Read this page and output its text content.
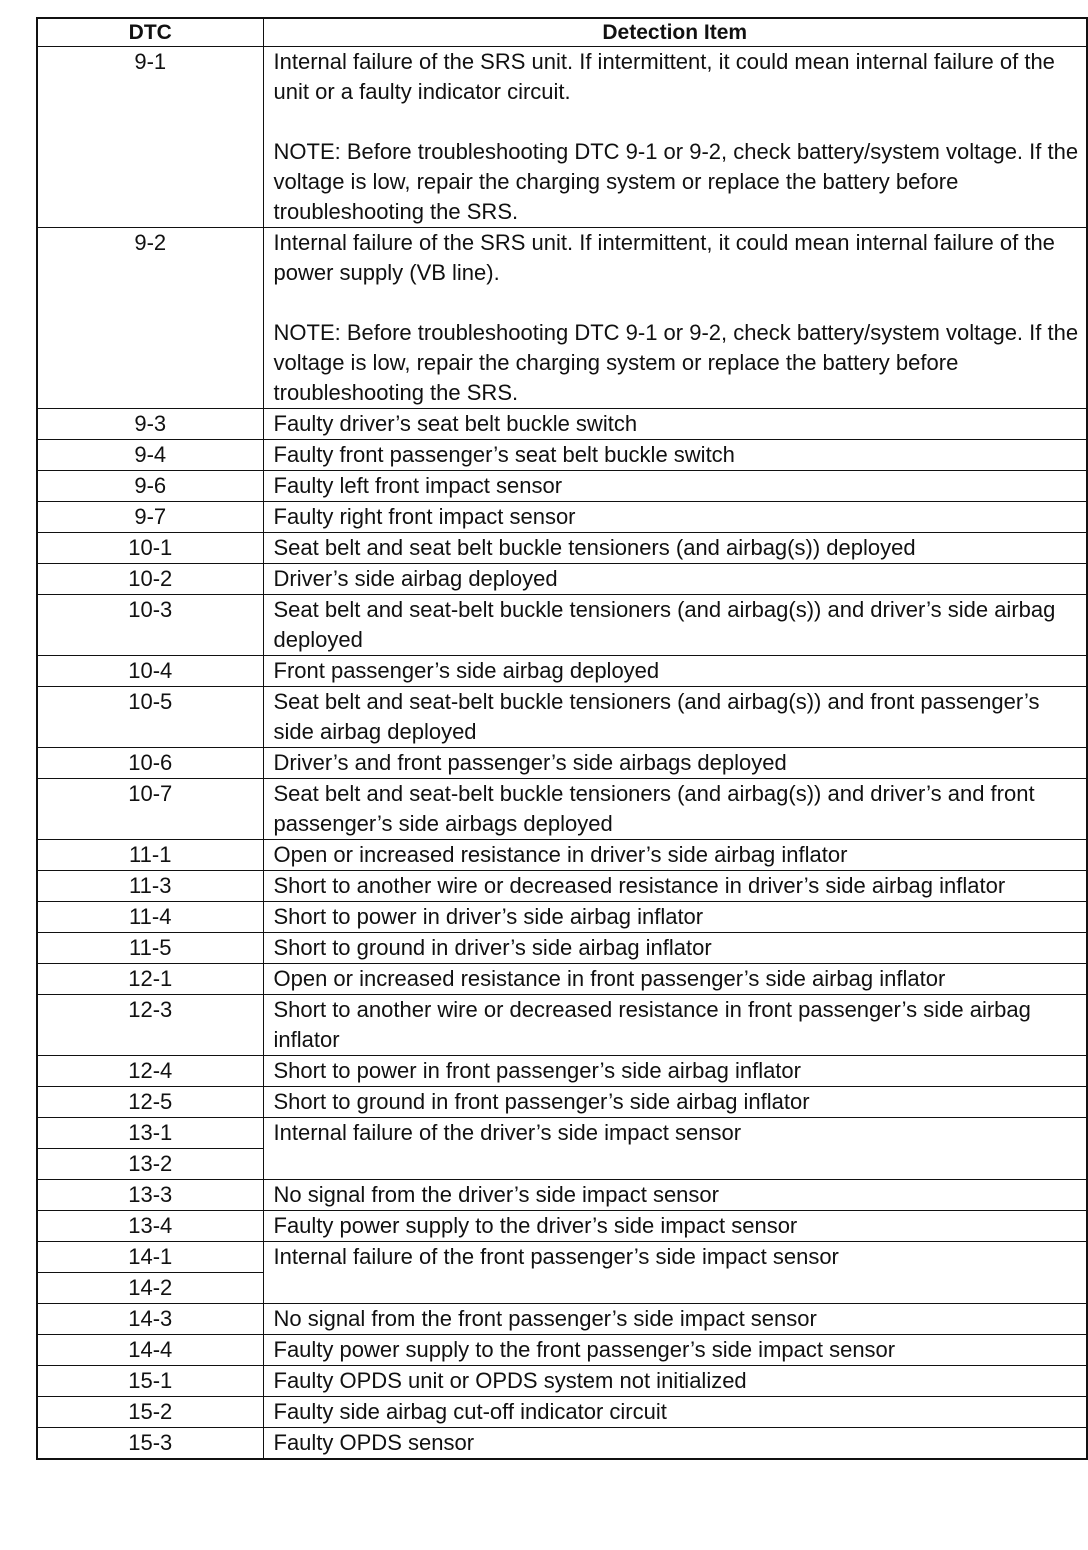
DTC	Detection Item
9-1	Internal failure of the SRS unit. If intermittent, it could mean internal failure of the unit or a faulty indicator circuit.
NOTE: Before troubleshooting DTC 9-1 or 9-2, check battery/system voltage. If the voltage is low, repair the charging system or replace the battery before troubleshooting the SRS.

9-2	Internal failure of the SRS unit. If intermittent, it could mean internal failure of the power supply (VB line).
NOTE: Before troubleshooting DTC 9-1 or 9-2, check battery/system voltage. If the voltage is low, repair the charging system or replace the battery before troubleshooting the SRS.

9-3	Faulty driver’s seat belt buckle switch
9-4	Faulty front passenger’s seat belt buckle switch
9-6	Faulty left front impact sensor
9-7	Faulty right front impact sensor
10-1	Seat belt and seat belt buckle tensioners (and airbag(s)) deployed
10-2	Driver’s side airbag deployed
10-3	Seat belt and seat-belt buckle tensioners (and airbag(s)) and driver’s side airbag deployed
10-4	Front passenger’s side airbag deployed
10-5	Seat belt and seat-belt buckle tensioners (and airbag(s)) and front passenger’s side airbag deployed
10-6	Driver’s and front passenger’s side airbags deployed
10-7	Seat belt and seat-belt buckle tensioners (and airbag(s)) and driver’s and front passenger’s side airbags deployed
11-1	Open or increased resistance in driver’s side airbag inflator
11-3	Short to another wire or decreased resistance in driver’s side airbag inflator
11-4	Short to power in driver’s side airbag inflator
11-5	Short to ground in driver’s side airbag inflator
12-1	Open or increased resistance in front passenger’s side airbag inflator
12-3	Short to another wire or decreased resistance in front passenger’s side airbag inflator
12-4	Short to power in front passenger’s side airbag inflator
12-5	Short to ground in front passenger’s side airbag inflator
13-1	Internal failure of the driver’s side impact sensor
13-2	
13-3	No signal from the driver’s side impact sensor
13-4	Faulty power supply to the driver’s side impact sensor
14-1	Internal failure of the front passenger’s side impact sensor
14-2	
14-3	No signal from the front passenger’s side impact sensor
14-4	Faulty power supply to the front passenger’s side impact sensor
15-1	Faulty OPDS unit or OPDS system not initialized
15-2	Faulty side airbag cut-off indicator circuit
15-3	Faulty OPDS sensor
